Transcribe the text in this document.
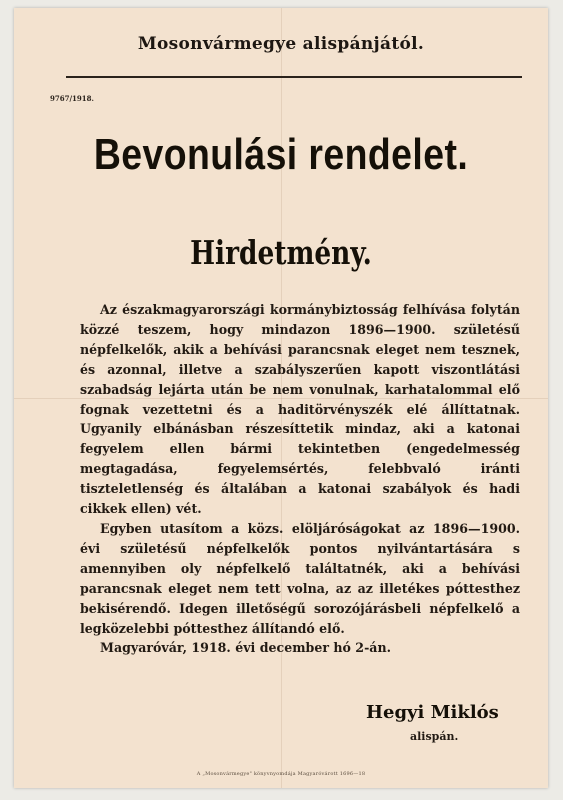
Mosonvármegye alispánjától.
9767/1918.
Bevonulási rendelet.
Hirdetmény.

Az északmagyarországi kormánybiztosság felhívása folytán közzé teszem, hogy mindazon 1896—1900. születésű népfelkelők, akik a behívási parancsnak eleget nem tesznek, és azonnal, illetve a szabályszerűen kapott viszontlátási szabadság lejárta után be nem vonulnak, karhatalommal elő fognak vezettetni és a haditörvényszék elé állíttatnak. Ugyanily elbánásban részesíttetik mindaz, aki a katonai fegyelem ellen bármi tekintetben (engedelmesség megtagadása, fegyelemsértés, felebbvaló iránti tiszteletlenség és általában a katonai szabályok és hadi cikkek ellen) vét.

Egyben utasítom a közs. elöljáróságokat az 1896—1900. évi születésű népfelkelők pontos nyilvántartására s amennyiben oly népfelkelő találtatnék, aki a behívási parancsnak eleget nem tett volna, az az illetékes póttesthez bekisérendő. Idegen illetőségű sorozójárásbeli népfelkelő a legközelebbi póttesthez állítandó elő.

Magyaróvár, 1918. évi december hó 2-án.

Hegyi Miklós
alispán.
A „Mosonvármegye" könyvnyomdája Magyaróvárott 1696—18
